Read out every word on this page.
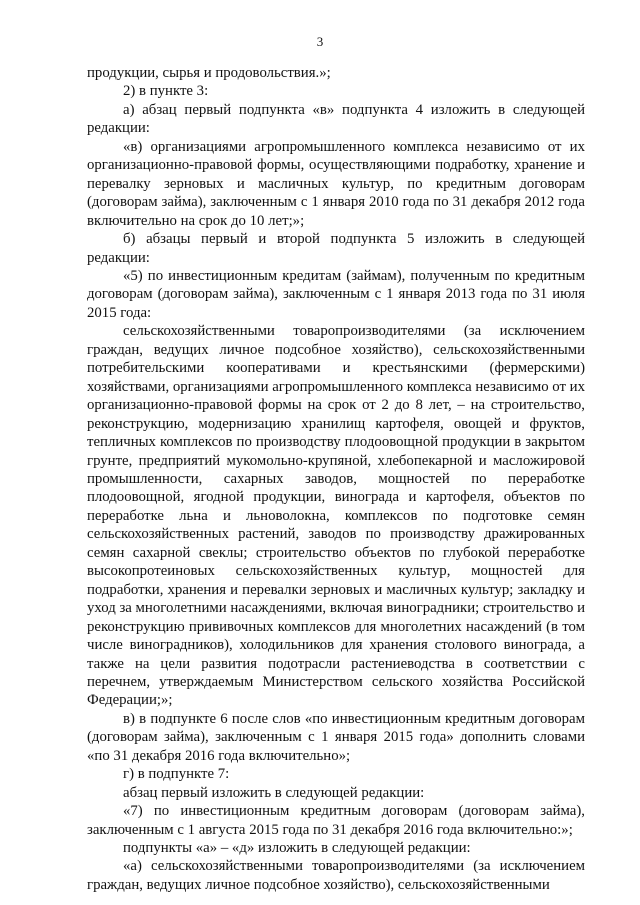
3

продукции, сырья и продовольствия.»;

2) в пункте 3:

а) абзац первый подпункта «в» подпункта 4 изложить в следующей редакции:

«в) организациями агропромышленного комплекса независимо от их организационно-правовой формы, осуществляющими подработку, хранение и перевалку зерновых и масличных культур, по кредитным договорам (договорам займа), заключенным с 1 января 2010 года по 31 декабря 2012 года включительно на срок до 10 лет;»;

б) абзацы первый и второй подпункта 5 изложить в следующей редакции:

«5) по инвестиционным кредитам (займам), полученным по кредитным договорам (договорам займа), заключенным с 1 января 2013 года по 31 июля 2015 года:

сельскохозяйственными товаропроизводителями (за исключением граждан, ведущих личное подсобное хозяйство), сельскохозяйственными потребительскими кооперативами и крестьянскими (фермерскими) хозяйствами, организациями агропромышленного комплекса независимо от их организационно-правовой формы на срок от 2 до 8 лет, – на строительство, реконструкцию, модернизацию хранилищ картофеля, овощей и фруктов, тепличных комплексов по производству плодоовощной продукции в закрытом грунте, предприятий мукомольно-крупяной, хлебопекарной и масложировой промышленности, сахарных заводов, мощностей по переработке плодоовощной, ягодной продукции, винограда и картофеля, объектов по переработке льна и льноволокна, комплексов по подготовке семян сельскохозяйственных растений, заводов по производству дражированных семян сахарной свеклы; строительство объектов по глубокой переработке высокопротеиновых сельскохозяйственных культур, мощностей для подработки, хранения и перевалки зерновых и масличных культур; закладку и уход за многолетними насаждениями, включая виноградники; строительство и реконструкцию прививочных комплексов для многолетних насаждений (в том числе виноградников), холодильников для хранения столового винограда, а также на цели развития подотрасли растениеводства в соответствии с перечнем, утверждаемым Министерством сельского хозяйства Российской Федерации;»;

в) в подпункте 6 после слов «по инвестиционным кредитным договорам (договорам займа), заключенным с 1 января 2015 года» дополнить словами «по 31 декабря 2016 года включительно»;

г) в подпункте 7:

абзац первый изложить в следующей редакции:

«7) по инвестиционным кредитным договорам (договорам займа), заключенным с 1 августа 2015 года по 31 декабря 2016 года включительно:»;

подпункты «а» – «д» изложить в следующей редакции:

«а) сельскохозяйственными товаропроизводителями (за исключением граждан, ведущих личное подсобное хозяйство), сельскохозяйственными
